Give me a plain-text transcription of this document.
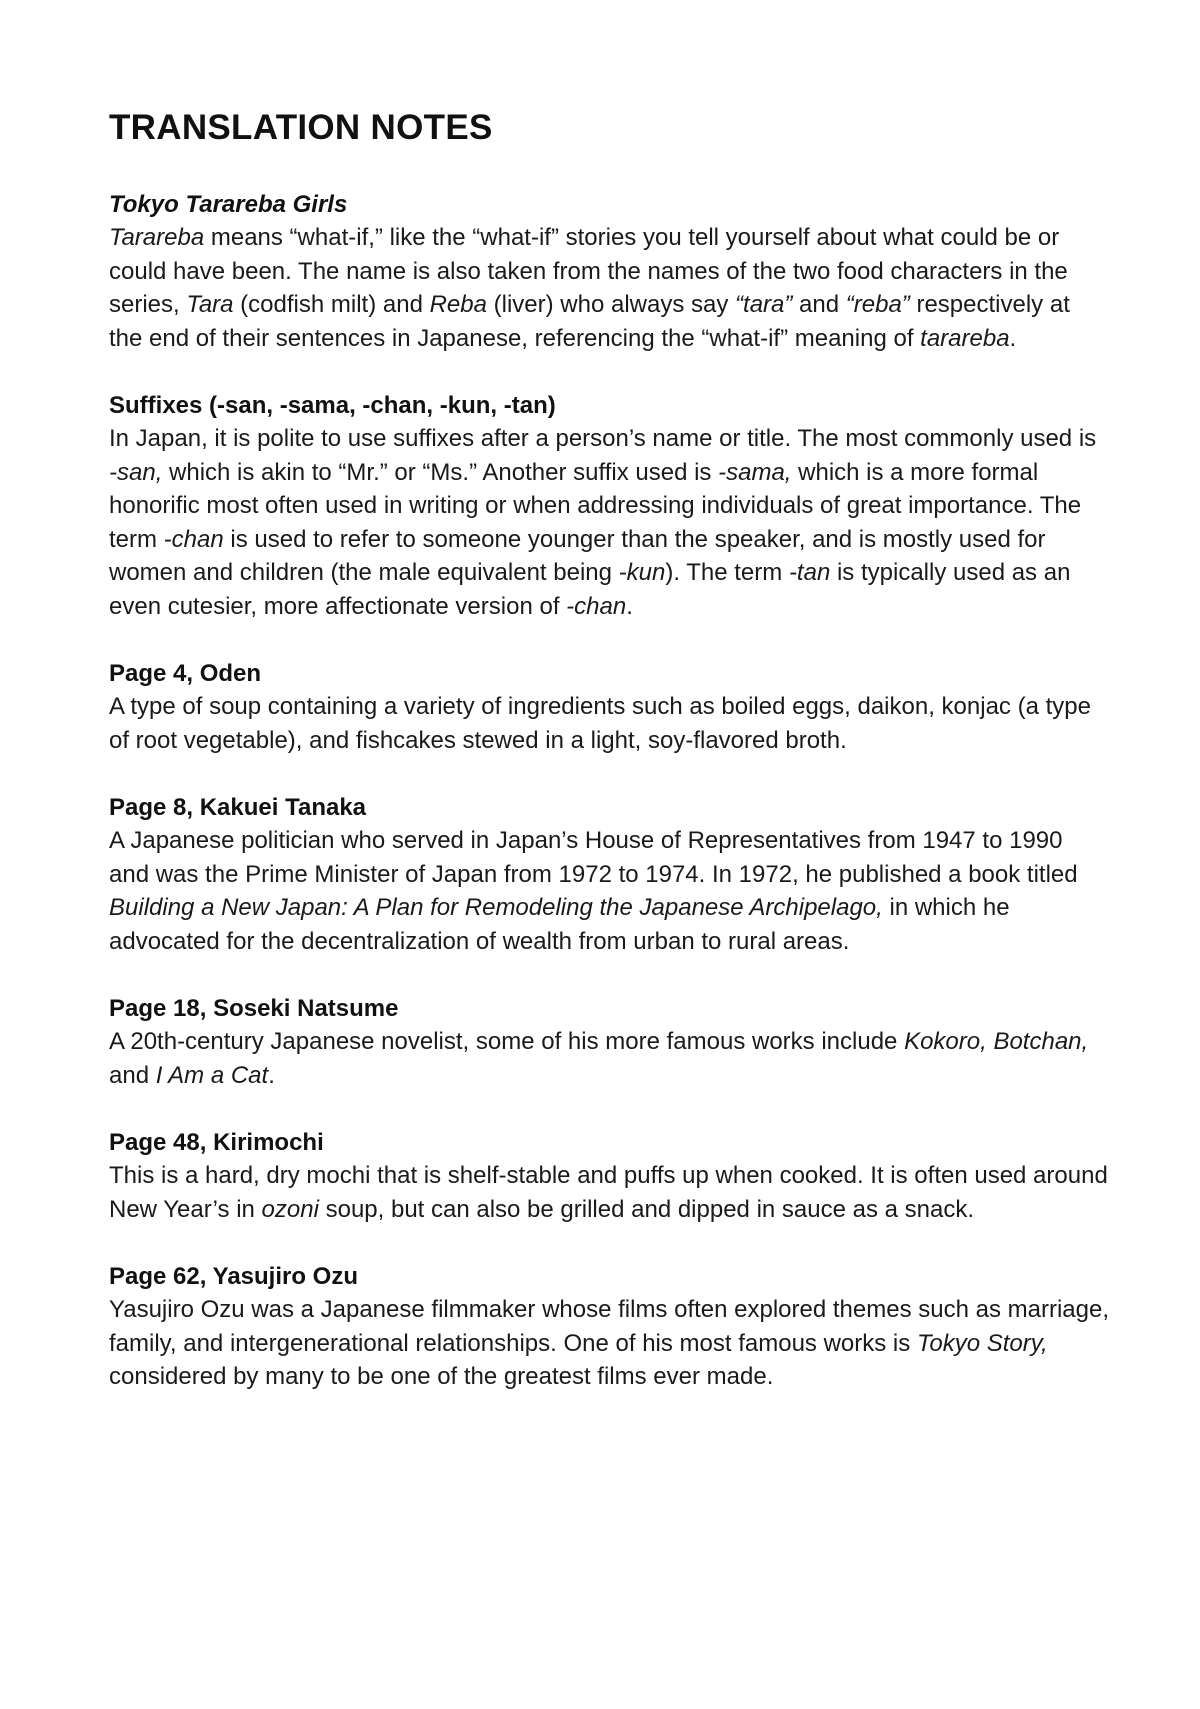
TRANSLATION NOTES
Tokyo Tarareba Girls

Tarareba means “what-if,” like the “what-if” stories you tell yourself about what could be or could have been. The name is also taken from the names of the two food characters in the series, Tara (codfish milt) and Reba (liver) who always say “tara” and “reba” respectively at the end of their sentences in Japanese, referencing the “what-if” meaning of tarareba.

Suffixes (-san, -sama, -chan, -kun, -tan)

In Japan, it is polite to use suffixes after a person’s name or title. The most commonly used is -san, which is akin to “Mr.” or “Ms.” Another suffix used is -sama, which is a more formal honorific most often used in writing or when addressing individuals of great importance. The term -chan is used to refer to someone younger than the speaker, and is mostly used for women and children (the male equivalent being -kun). The term -tan is typically used as an even cutesier, more affectionate version of -chan.

Page 4, Oden

A type of soup containing a variety of ingredients such as boiled eggs, daikon, konjac (a type of root vegetable), and fishcakes stewed in a light, soy-flavored broth.

Page 8, Kakuei Tanaka

A Japanese politician who served in Japan’s House of Representatives from 1947 to 1990 and was the Prime Minister of Japan from 1972 to 1974. In 1972, he published a book titled Building a New Japan: A Plan for Remodeling the Japanese Archipelago, in which he advocated for the decentralization of wealth from urban to rural areas.

Page 18, Soseki Natsume

A 20th-century Japanese novelist, some of his more famous works include Kokoro, Botchan, and I Am a Cat.

Page 48, Kirimochi

This is a hard, dry mochi that is shelf-stable and puffs up when cooked. It is often used around New Year’s in ozoni soup, but can also be grilled and dipped in sauce as a snack.

Page 62, Yasujiro Ozu

Yasujiro Ozu was a Japanese filmmaker whose films often explored themes such as marriage, family, and intergenerational relationships. One of his most famous works is Tokyo Story, considered by many to be one of the greatest films ever made.
